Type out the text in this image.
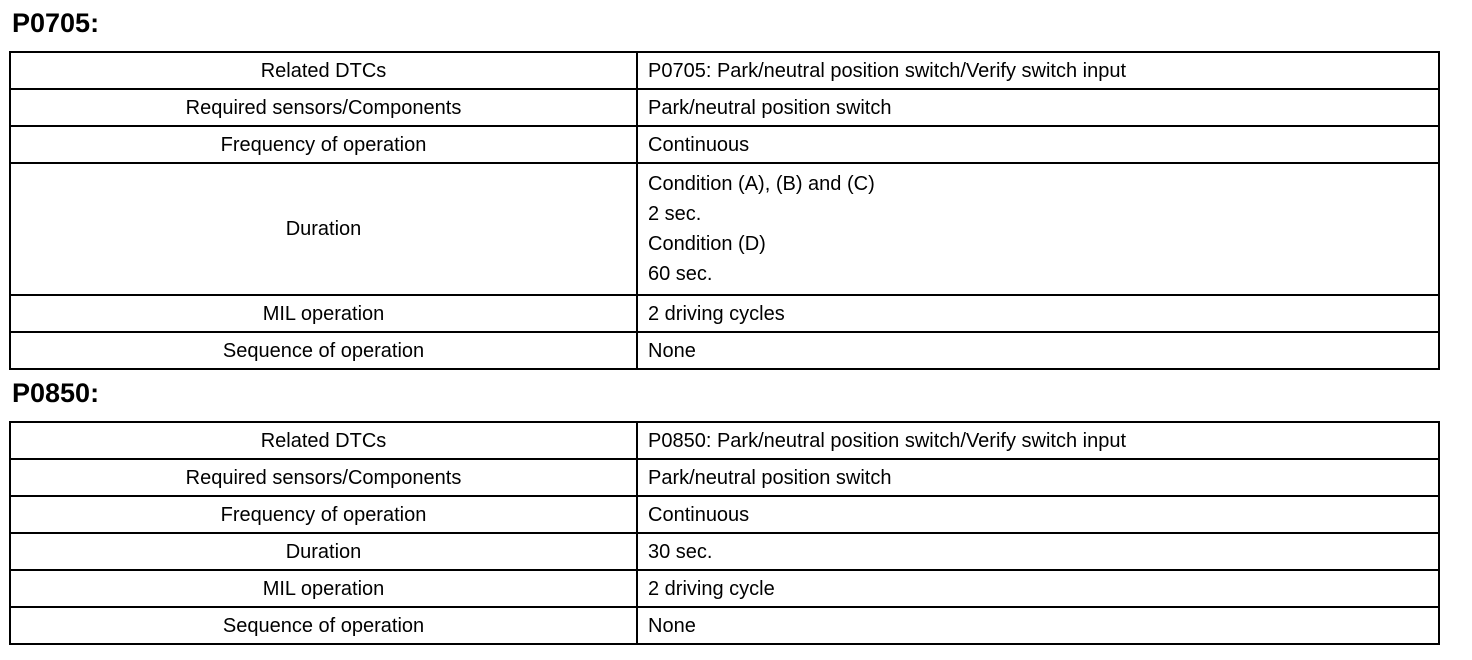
P0705:
Related DTCs	P0705: Park/neutral position switch/Verify switch input

Required sensors/Components	Park/neutral position switch

Frequency of operation	Continuous

Duration	Condition (A), (B) and (C)
2 sec.
Condition (D)
60 sec.

MIL operation	2 driving cycles

Sequence of operation	None
P0850:
Related DTCs	P0850: Park/neutral position switch/Verify switch input

Required sensors/Components	Park/neutral position switch

Frequency of operation	Continuous

Duration	30 sec.

MIL operation	2 driving cycle

Sequence of operation	None
